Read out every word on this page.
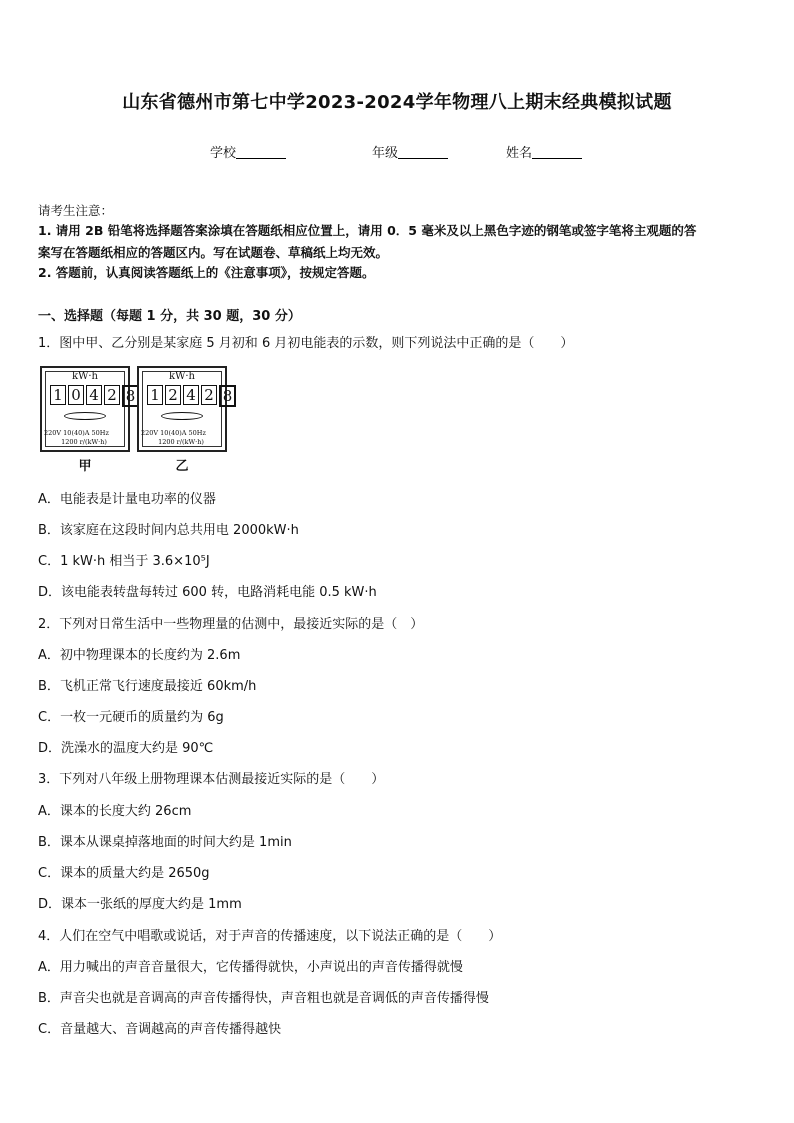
山东省德州市第七中学2023-2024学年物理八上期末经典模拟试题
学校	年级	姓名
请考生注意：
1. 请用 2B 铅笔将选择题答案涂填在答题纸相应位置上，请用 0．5 毫米及以上黑色字迹的钢笔或签字笔将主观题的答
案写在答题纸相应的答题区内。写在试题卷、草稿纸上均无效。
2. 答题前，认真阅读答题纸上的《注意事项》，按规定答题。
一、选择题（每题 1 分，共 30 题，30 分）
1．图中甲、乙分别是某家庭 5 月初和 6 月初电能表的示数，则下列说法中正确的是（　　）
kW·h
1 0 4 2 8
220V 10(40)A 50Hz
1200 r/(kW·h)
甲
kW·h
1 2 4 2 8
220V 10(40)A 50Hz
1200 r/(kW·h)
乙
A．电能表是计量电功率的仪器
B．该家庭在这段时间内总共用电 2000kW·h
C．1 kW·h 相当于 3.6×10⁵J
D．该电能表转盘每转过 600 转，电路消耗电能 0.5 kW·h
2．下列对日常生活中一些物理量的估测中，最接近实际的是（　）
A．初中物理课本的长度约为 2.6m
B．飞机正常飞行速度最接近 60km/h
C．一枚一元硬币的质量约为 6g
D．洗澡水的温度大约是 90℃
3．下列对八年级上册物理课本估测最接近实际的是（　　）
A．课本的长度大约 26cm
B．课本从课桌掉落地面的时间大约是 1min
C．课本的质量大约是 2650g
D．课本一张纸的厚度大约是 1mm
4．人们在空气中唱歌或说话，对于声音的传播速度，以下说法正确的是（　　）
A．用力喊出的声音音量很大，它传播得就快，小声说出的声音传播得就慢
B．声音尖也就是音调高的声音传播得快，声音粗也就是音调低的声音传播得慢
C．音量越大、音调越高的声音传播得越快
